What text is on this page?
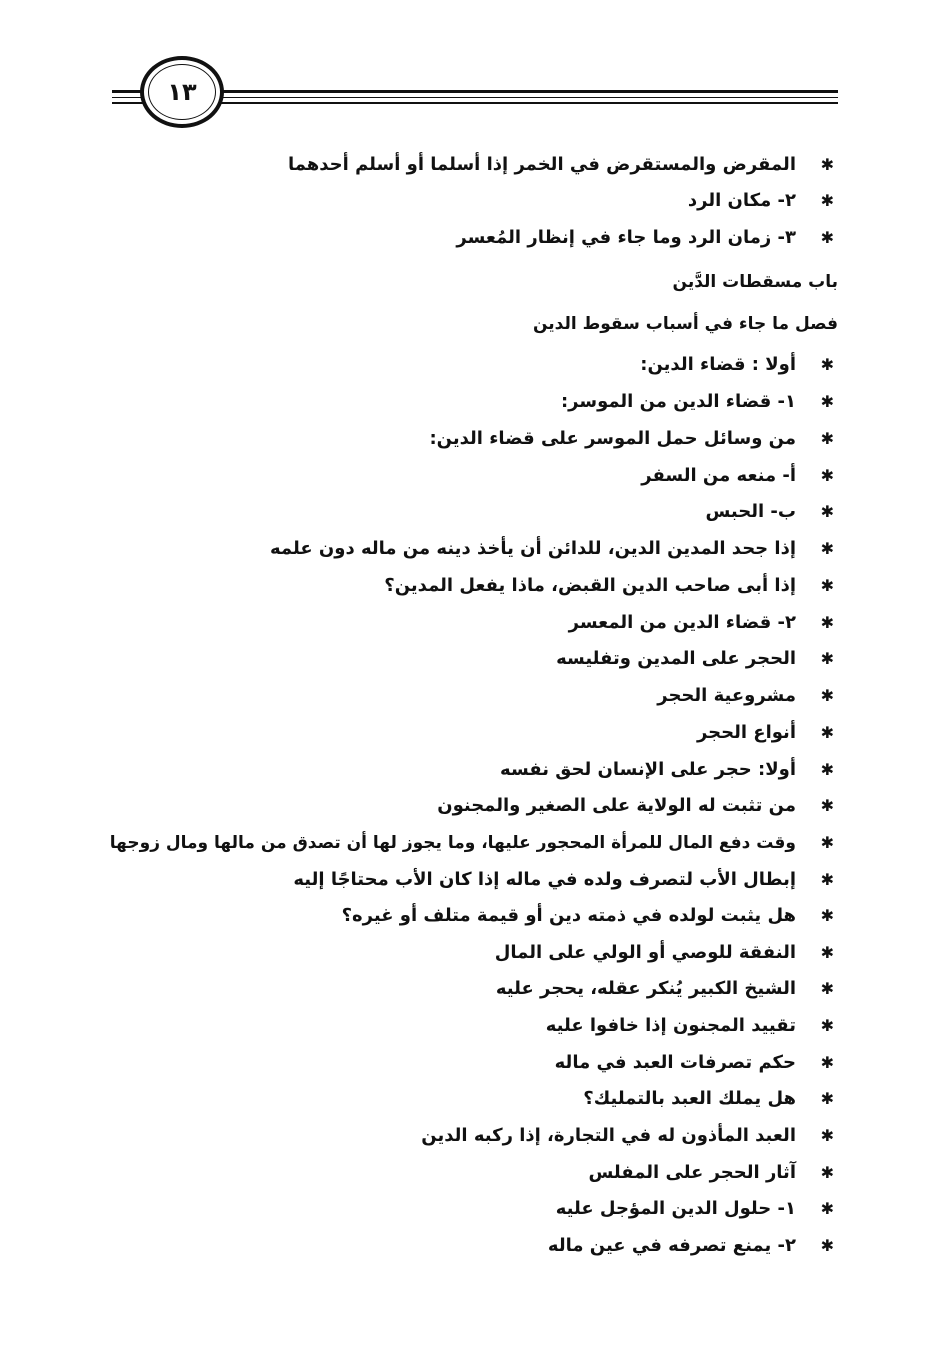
١٣
✱المقرض والمستقرض في الخمر إذا أسلما أو أسلم أحدهما
✱٢- مكان الرد
✱٣- زمان الرد وما جاء في إنظار المُعسر
باب مسقطات الدَّين
فصل ما جاء في أسباب سقوط الدين
✱أولا : قضاء الدين:
✱١- قضاء الدين من الموسر:
✱من وسائل حمل الموسر على قضاء الدين:
✱أ- منعه من السفر
✱ب- الحبس
✱إذا جحد المدين الدين، للدائن أن يأخذ دينه من ماله دون علمه
✱إذا أبى صاحب الدين القبض، ماذا يفعل المدين؟
✱٢- قضاء الدين من المعسر
✱الحجر على المدين وتفليسه
✱مشروعية الحجر
✱أنواع الحجر
✱أولا: حجر على الإنسان لحق نفسه
✱من تثبت له الولاية على الصغير والمجنون
✱وقت دفع المال للمرأة المحجور عليها، وما يجوز لها أن تصدق من مالها ومال زوجها
✱إبطال الأب لتصرف ولده في ماله إذا كان الأب محتاجًا إليه
✱هل يثبت لولده في ذمته دين أو قيمة متلف أو غيره؟
✱النفقة للوصي أو الولي على المال
✱الشيخ الكبير يُنكر عقله، يحجر عليه
✱تقييد المجنون إذا خافوا عليه
✱حكم تصرفات العبد في ماله
✱هل يملك العبد بالتمليك؟
✱العبد المأذون له في التجارة، إذا ركبه الدين
✱آثار الحجر على المفلس
✱١- حلول الدين المؤجل عليه
✱٢- يمنع تصرفه في عين ماله
